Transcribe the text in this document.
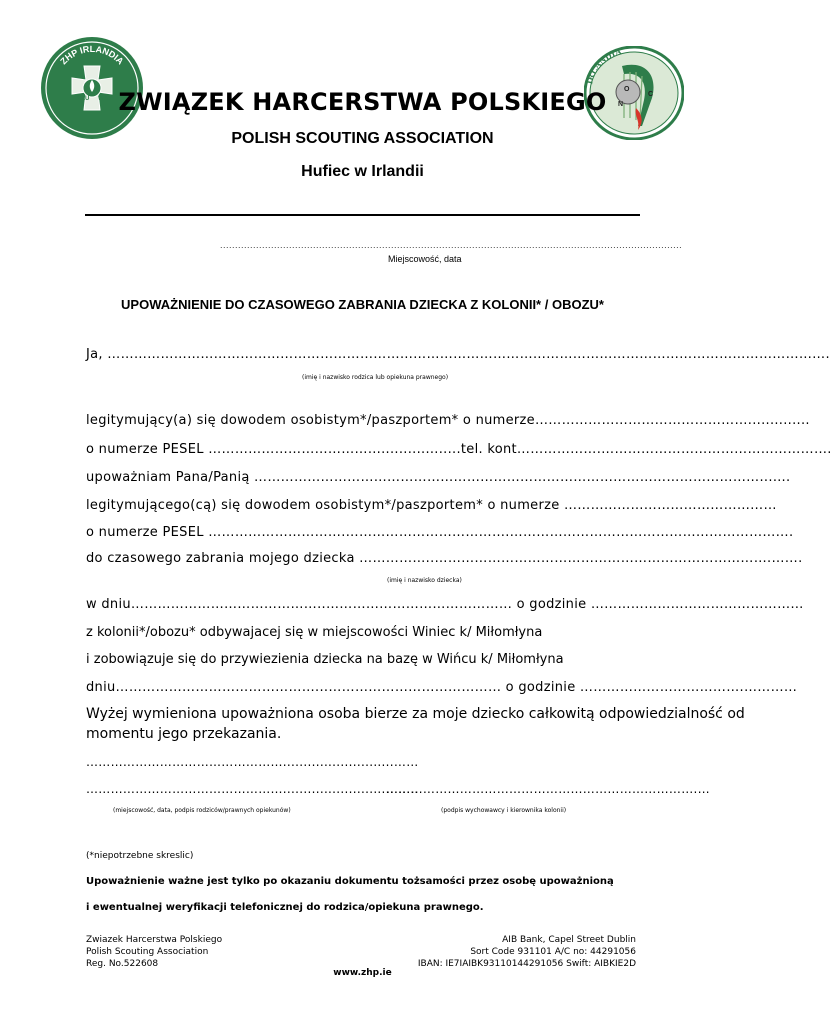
ZHP IRLANDIA
CZU WAJ
IRLANDIA
O
N
C
ZWIĄZEK HARCERSTWA POLSKIEGO
POLISH SCOUTING ASSOCIATION
Hufiec w Irlandii
..........................................................................................................................................................
Miejscowość, data
UPOWAŻNIENIE DO CZASOWEGO ZABRANIA DZIECKA Z KOLONII* / OBOZU*
Ja, ……………………………………………………………………………………………………………………………………………….
(imię i nazwisko rodzica lub opiekuna prawnego)
legitymujący(a) się dowodem osobistym*/paszportem* o numerze…………………………………………..............
o numerze PESEL ……………………………….....................tel. kont……………….…………………………………………….
upoważniam Pana/Panią ……………………………………………………………………………………………………...….
legitymującego(cą) się dowodem osobistym*/paszportem* o numerze …………………………………………
o numerze PESEL ………………………….……………………………….……………………………………………………….
do czasowego zabrania mojego dziecka ……………..………………………………………………………………….…….
(imię i nazwisko dziecka)
w dniu……………………………………..…………………………………… o godzinie …………………………………………
z kolonii*/obozu* odbywajacej się w miejscowości Winiec k/ Miłomłyna
i zobowiązuje się do przywiezienia dziecka na bazę w Wińcu k/ Miłomłyna
dniu………………………………………...………………………………… o godzinie ……………………………….…………
Wyżej wymieniona upoważniona osoba bierze za moje dziecko całkowitą odpowiedzialność od
momentu jego przekazania.
…………………………………………...........................……
…………………………………………...........................……
………………………………………………………………….…
(miejscowość, data, podpis rodziców/prawnych opiekunów)	(podpis wychowawcy i kierownika kolonii)
(*niepotrzebne skreslic)
Upoważnienie ważne jest tylko po okazaniu dokumentu tożsamości przez osobę upoważnioną
i ewentualnej weryfikacji telefonicznej do rodzica/opiekuna prawnego.
Zwiazek Harcerstwa Polskiego
Polish Scouting Association
Reg. No.522608
AIB Bank, Capel Street Dublin
Sort Code 931101 A/C no: 44291056
IBAN: IE7IAIBK93110144291056 Swift: AIBKIE2D
www.zhp.ie
